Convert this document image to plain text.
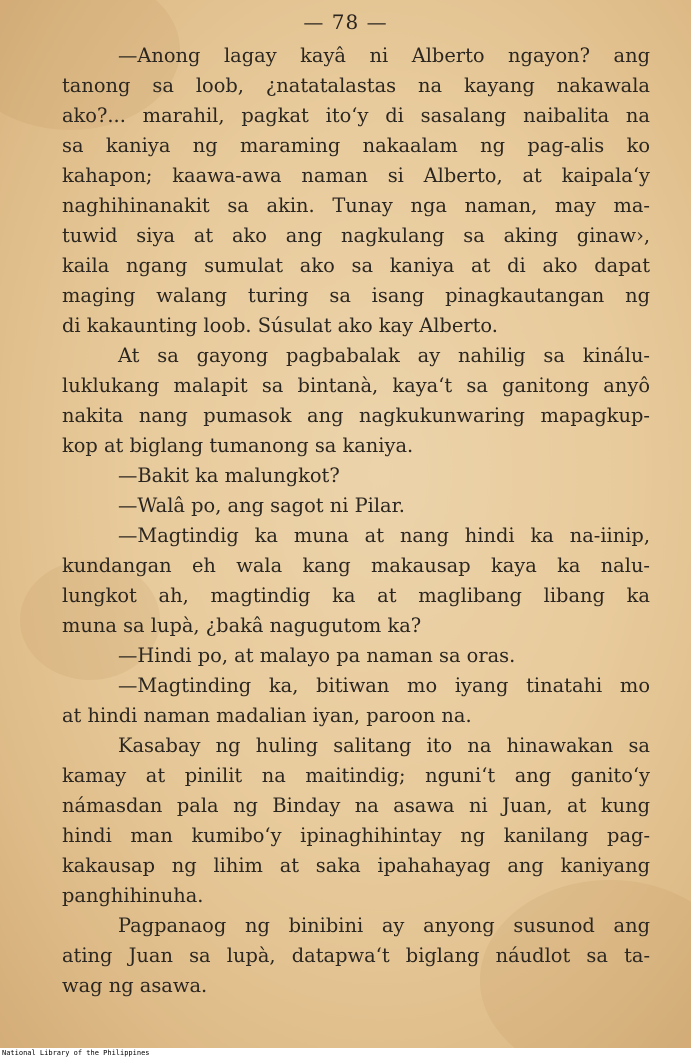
— 78 —
—Anong lagay kayâ ni Alberto ngayon? ang
tanong sa loob, ¿natatalastas na kayang nakawala
ako?... marahil, pagkat ito‘y di sasalang naibalita na
sa kaniya ng maraming nakaalam ng pag-alis ko
kahapon; kaawa-awa naman si Alberto, at kaipala‘y
naghihinanakit sa akin. Tunay nga naman, may ma-
tuwid siya at ako ang nagkulang sa aking ginaw›,
kaila ngang sumulat ako sa kaniya at di ako dapat
maging walang turing sa isang pinagkautangan ng
di kakaunting loob. Súsulat ako kay Alberto.
At sa gayong pagbabalak ay nahilig sa kinálu-
luklukang malapit sa bintanà, kaya‘t sa ganitong anyô
nakita nang pumasok ang nagkukunwaring mapagkup-
kop at biglang tumanong sa kaniya.
—Bakit ka malungkot?
—Walâ po, ang sagot ni Pilar.
—Magtindig ka muna at nang hindi ka na-iinip,
kundangan eh wala kang makausap kaya ka nalu-
lungkot ah, magtindig ka at maglibang libang ka
muna sa lupà, ¿bakâ nagugutom ka?
—Hindi po, at malayo pa naman sa oras.
—Magtinding ka, bitiwan mo iyang tinatahi mo
at hindi naman madalian iyan, paroon na.
Kasabay ng huling salitang ito na hinawakan sa
kamay at pinilit na maitindig; nguni‘t ang ganito‘y
námasdan pala ng Binday na asawa ni Juan, at kung
hindi man kumibo‘y ipinaghihintay ng kanilang pag-
kakausap ng lihim at saka ipahahayag ang kaniyang
panghihinuha.
Pagpanaog ng binibini ay anyong susunod ang
ating Juan sa lupà, datapwa‘t biglang náudlot sa ta-
wag ng asawa.
National Library of the Philippines
